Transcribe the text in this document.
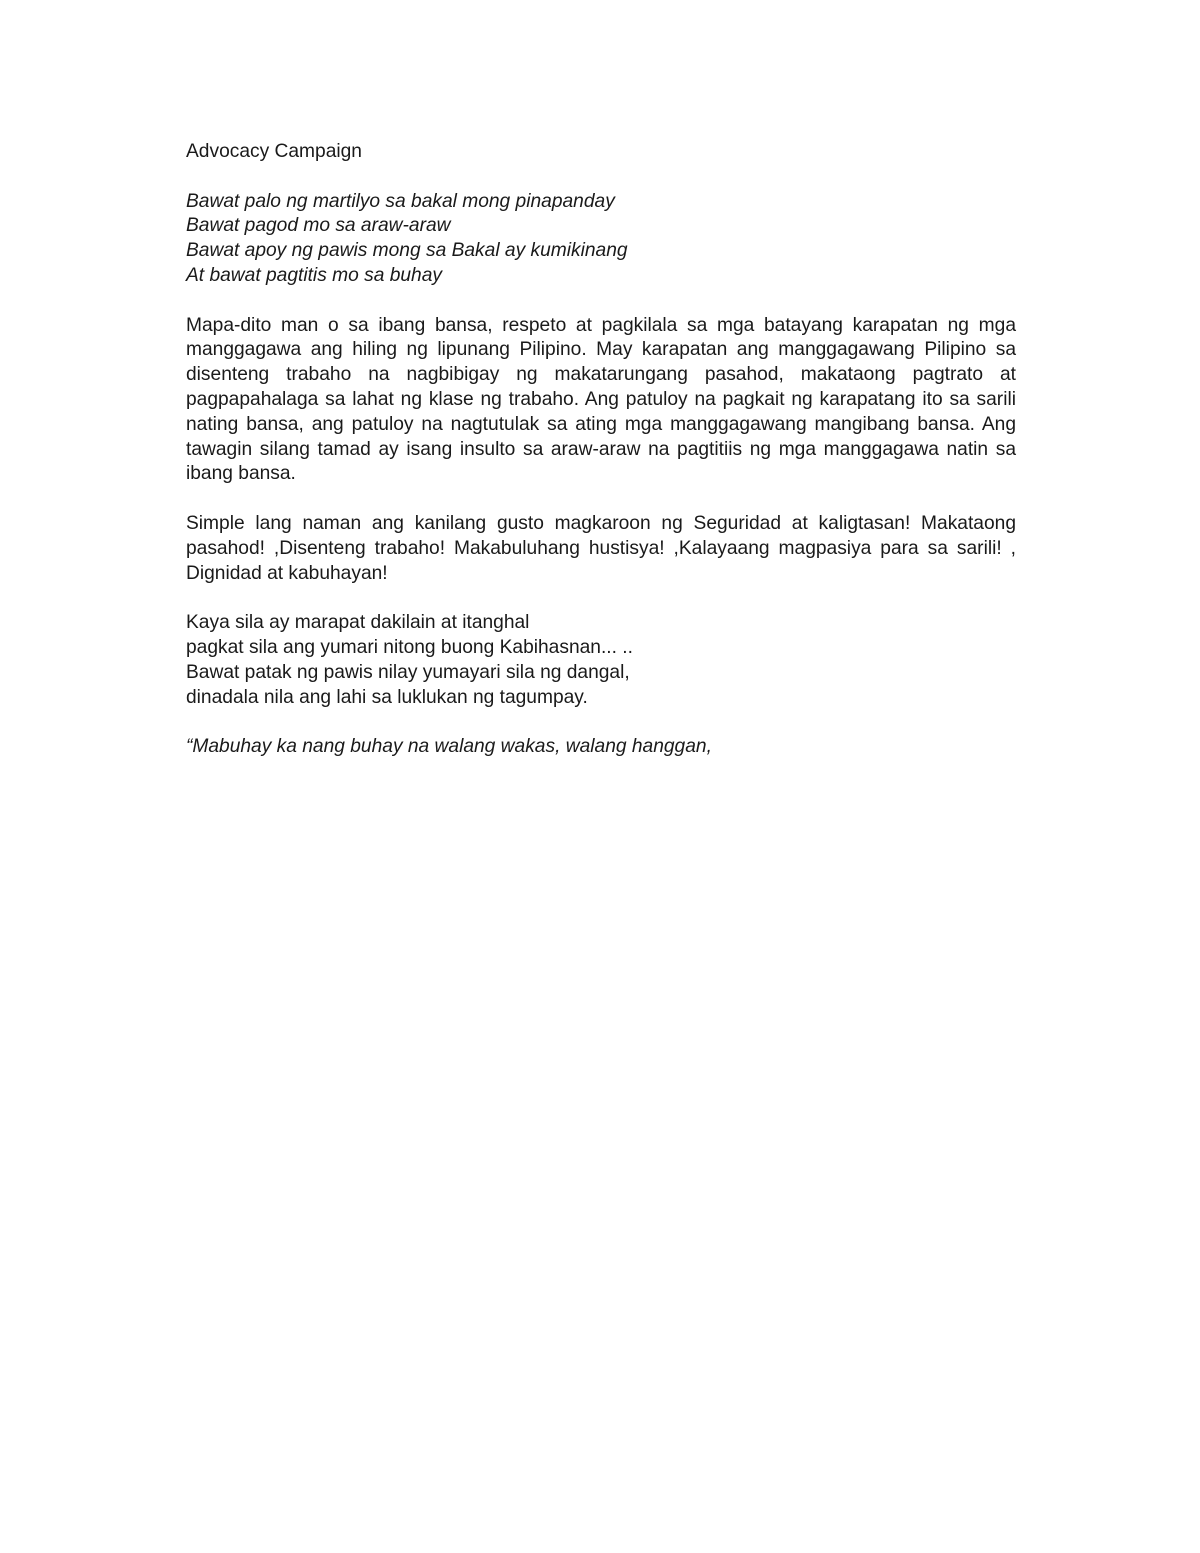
Advocacy Campaign
Bawat palo ng martilyo sa bakal mong pinapanday
Bawat pagod mo sa araw-araw
Bawat apoy ng pawis mong sa Bakal ay kumikinang
At bawat pagtitis mo sa buhay

Mapa-dito man o sa ibang bansa, respeto at pagkilala sa mga batayang karapatan ng mga manggagawa ang hiling ng lipunang Pilipino. May karapatan ang manggagawang Pilipino sa disenteng trabaho na nagbibigay ng makatarungang pasahod, makataong pagtrato at pagpapahalaga sa lahat ng klase ng trabaho. Ang patuloy na pagkait ng karapatang ito sa sarili nating bansa, ang patuloy na nagtutulak sa ating mga manggagawang mangibang bansa. Ang tawagin silang tamad ay isang insulto sa araw-araw na pagtitiis ng mga manggagawa natin sa ibang bansa.

Simple lang naman ang kanilang gusto magkaroon ng Seguridad at kaligtasan! Makataong pasahod! ,Disenteng trabaho! Makabuluhang hustisya! ,Kalayaang magpasiya para sa sarili! , Dignidad at kabuhayan!

Kaya sila ay marapat dakilain at itanghal
pagkat sila ang yumari nitong buong Kabihasnan... ..
Bawat patak ng pawis nilay yumayari sila ng dangal,
dinadala nila ang lahi sa luklukan ng tagumpay.

“Mabuhay ka nang buhay na walang wakas, walang hanggan,
